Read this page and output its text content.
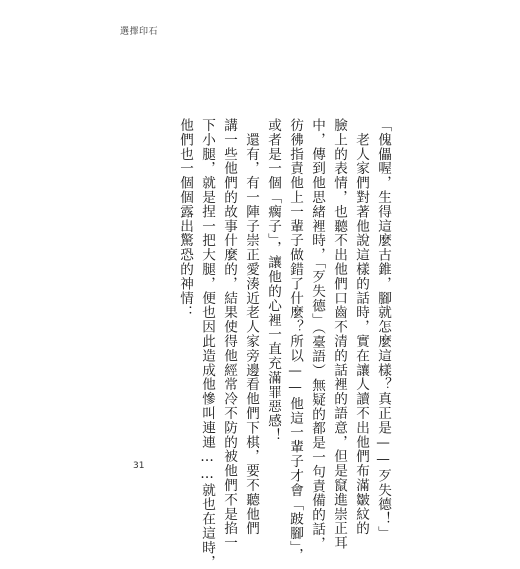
選擇印石
「傀儡喔，生得這麼古錐，腳就怎麼這樣？真正是——歹失德！」
　老人家們對著他說這樣的話時，實在讓人讀不出他們布滿皺紋的
臉上的表情，也聽不出他們口齒不清的話裡的語意，但是竄進崇正耳
中，傳到他思緒裡時，「歹失德」（臺語）無疑的都是一句責備的話，
彷彿指責他上一輩子做錯了什麼？所以——他這一輩子才會「跛腳」，
或者是一個「瘸子」，讓他的心裡一直充滿罪惡感！
　還有，有一陣子崇正愛湊近老人家旁邊看他們下棋，要不聽他們
講一些他們的故事什麼的，結果使得他經常冷不防的被他們不是掐一
下小腿，就是捏一把大腿，便也因此造成他慘叫連連……就也在這時，
他們也一個個露出驚恐的神情：
31
